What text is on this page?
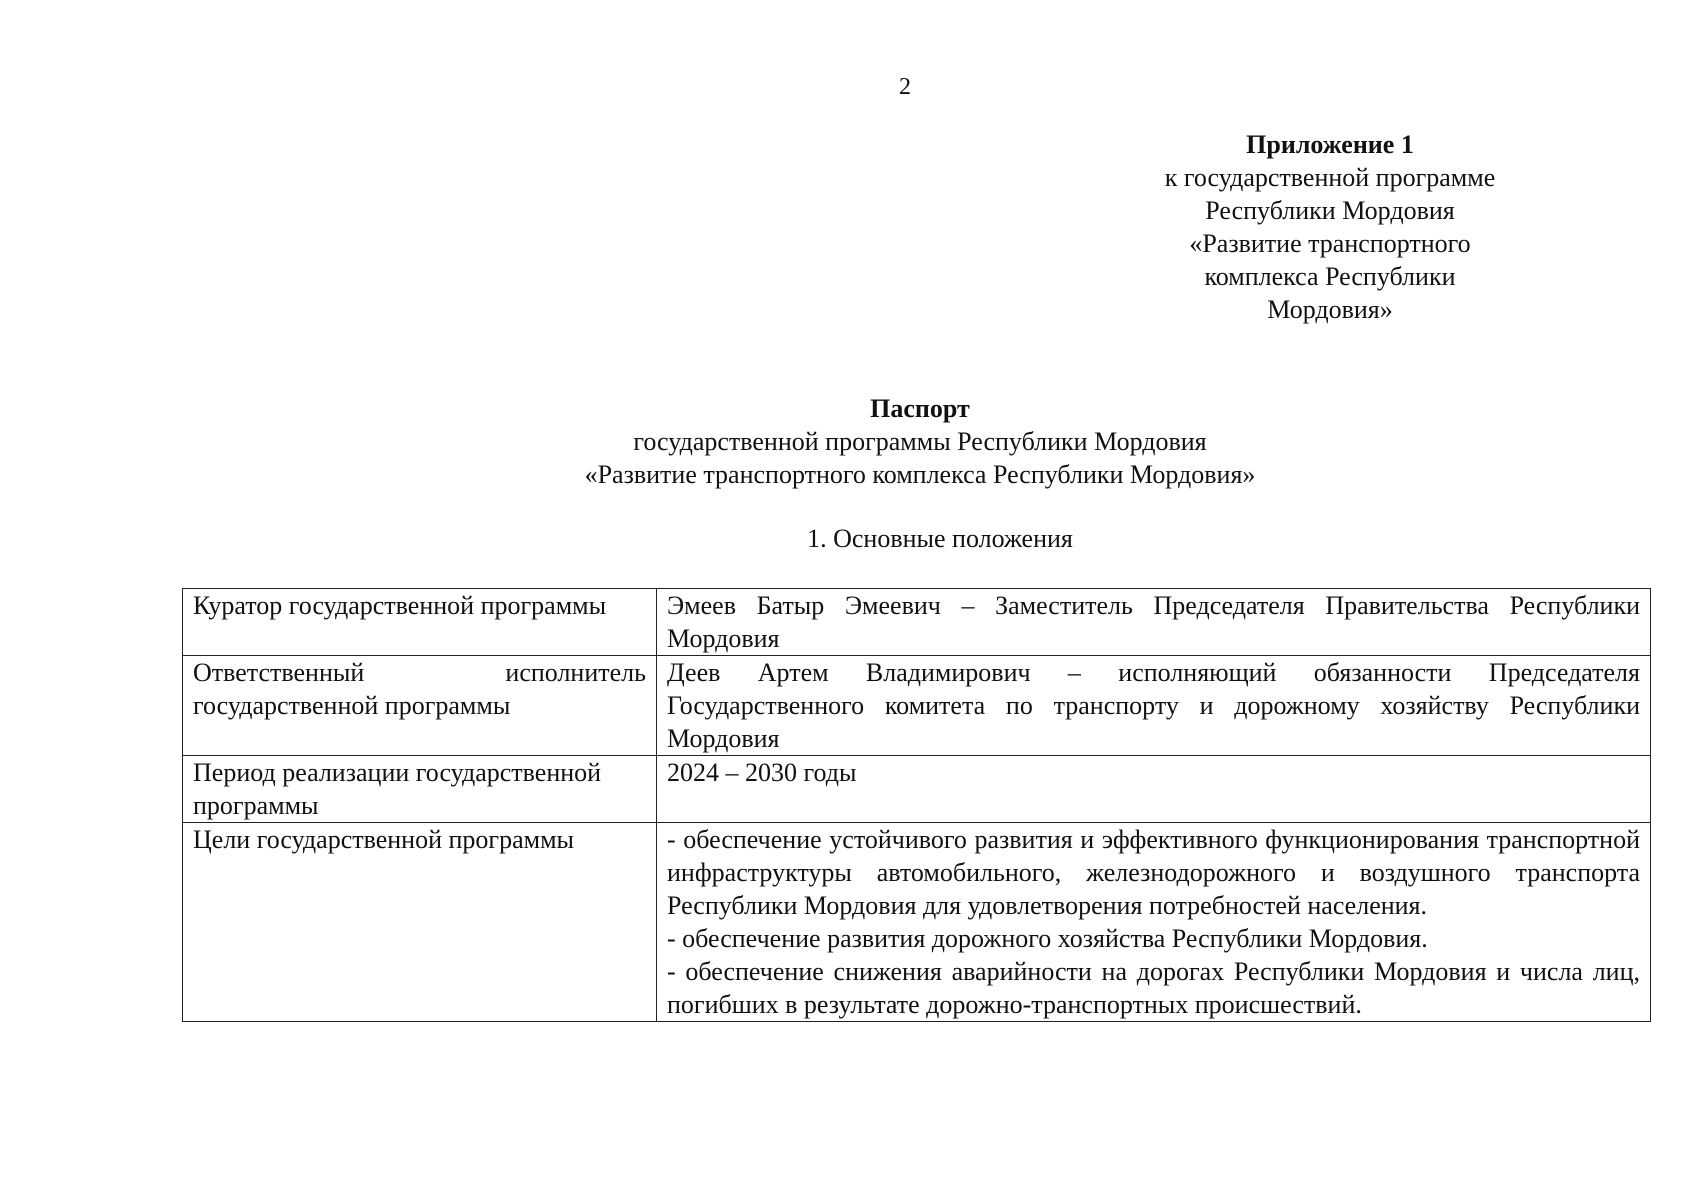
2
Приложение 1
к государственной программе
Республики Мордовия
«Развитие транспортного
комплекса Республики
Мордовия»
Паспорт
государственной программы Республики Мордовия
«Развитие транспортного комплекса Республики Мордовия»
1. Основные положения
Куратор государственной программы	Эмеев Батыр Эмеевич – Заместитель Председателя Правительства Республики Мордовия
Ответственный исполнитель государственной программы	Деев Артем Владимирович – исполняющий обязанности Председателя Государственного комитета по транспорту и дорожному хозяйству Республики Мордовия
Период реализации государственной программы	2024 – 2030 годы
Цели государственной программы	- обеспечение устойчивого развития и эффективного функционирования транспортной инфраструктуры автомобильного, железнодорожного и воздушного транспорта Республики Мордовия для удовлетворения потребностей населения.
- обеспечение развития дорожного хозяйства Республики Мордовия.
- обеспечение снижения аварийности на дорогах Республики Мордовия и числа лиц, погибших в результате дорожно-транспортных происшествий.
